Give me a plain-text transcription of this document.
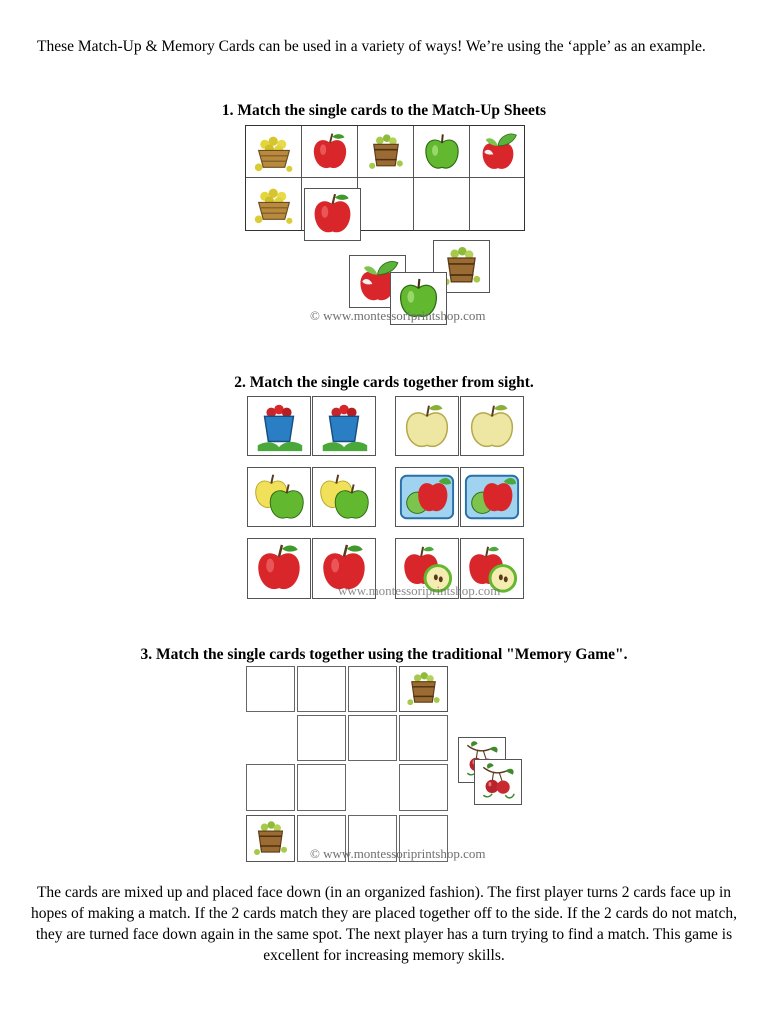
These Match-Up & Memory Cards can be used in a variety of ways! We’re using the ‘apple’ as an example.
1. Match the single cards to the Match-Up Sheets
© www.montessoriprintshop.com
2. Match the single cards together from sight.
www.montessoriprintshop.com
3. Match the single cards together using the traditional "Memory Game".
© www.montessoriprintshop.com
The cards are mixed up and placed face down (in an organized fashion). The first player turns 2 cards face up in hopes of making a match. If the 2 cards match they are placed together off to the side. If the 2 cards do not match, they are turned face down again in the same spot. The next player has a turn trying to find a match. This game is excellent for increasing memory skills.
